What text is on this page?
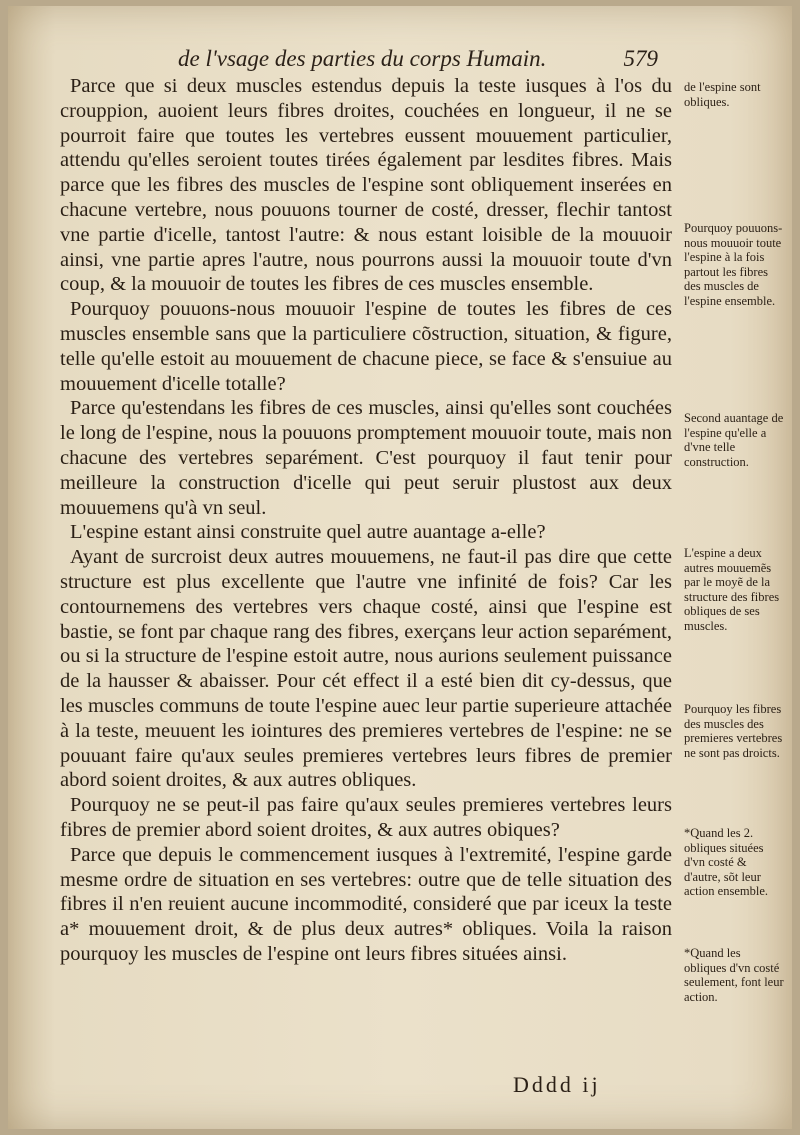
de l'vsage des parties du corps Humain.	579

Parce que si deux muscles estendus depuis la teste iusques à l'os du crouppion, auoient leurs fibres droites, couchées en longueur, il ne se pourroit faire que toutes les vertebres eussent mouuement particulier, attendu qu'elles seroient toutes tirées également par lesdites fibres. Mais parce que les fibres des muscles de l'espine sont obliquement inserées en chacune vertebre, nous pouuons tourner de costé, dresser, flechir tantost vne partie d'icelle, tantost l'autre: & nous estant loisible de la mouuoir ainsi, vne partie apres l'autre, nous pourrons aussi la mouuoir toute d'vn coup, & la mouuoir de toutes les fibres de ces muscles ensemble.

Pourquoy pouuons-nous mouuoir l'espine de toutes les fibres de ces muscles ensemble sans que la particuliere cõstruction, situation, & figure, telle qu'elle estoit au mouuement de chacune piece, se face & s'ensuiue au mouuement d'icelle totalle?

Parce qu'estendans les fibres de ces muscles, ainsi qu'elles sont couchées le long de l'espine, nous la pouuons promptement mouuoir toute, mais non chacune des vertebres separément. C'est pourquoy il faut tenir pour meilleure la construction d'icelle qui peut seruir plustost aux deux mouuemens qu'à vn seul.

L'espine estant ainsi construite quel autre auantage a-elle?

Ayant de surcroist deux autres mouuemens, ne faut-il pas dire que cette structure est plus excellente que l'autre vne infinité de fois? Car les contournemens des vertebres vers chaque costé, ainsi que l'espine est bastie, se font par chaque rang des fibres, exerçans leur action separément, ou si la structure de l'espine estoit autre, nous aurions seulement puissance de la hausser & abaisser. Pour cét effect il a esté bien dit cy-dessus, que les muscles communs de toute l'espine auec leur partie superieure attachée à la teste, meuuent les iointures des premieres vertebres de l'espine: ne se pouuant faire qu'aux seules premieres vertebres leurs fibres de premier abord soient droites, & aux autres obliques.

Pourquoy ne se peut-il pas faire qu'aux seules premieres vertebres leurs fibres de premier abord soient droites, & aux autres obiques?

Parce que depuis le commencement iusques à l'extremité, l'espine garde mesme ordre de situation en ses vertebres: outre que de telle situation des fibres il n'en reuient aucune incommodité, consideré que par iceux la teste a* mouuement droit, & de plus deux autres* obliques. Voila la raison pourquoy les muscles de l'espine ont leurs fibres situées ainsi.

de l'espine sont obliques.
Pourquoy pouuons-nous mouuoir toute l'espine à la fois partout les fibres des muscles de l'espine ensemble.
Second auantage de l'espine qu'elle a d'vne telle construction.
L'espine a deux autres mouuemẽs par le moyẽ de la structure des fibres obliques de ses muscles.
Pourquoy les fibres des muscles des premieres vertebres ne sont pas droicts.
*Quand les 2. obliques situées d'vn costé & d'autre, sõt leur action ensemble.
*Quand les obliques d'vn costé seulement, font leur action.
Dddd ij
